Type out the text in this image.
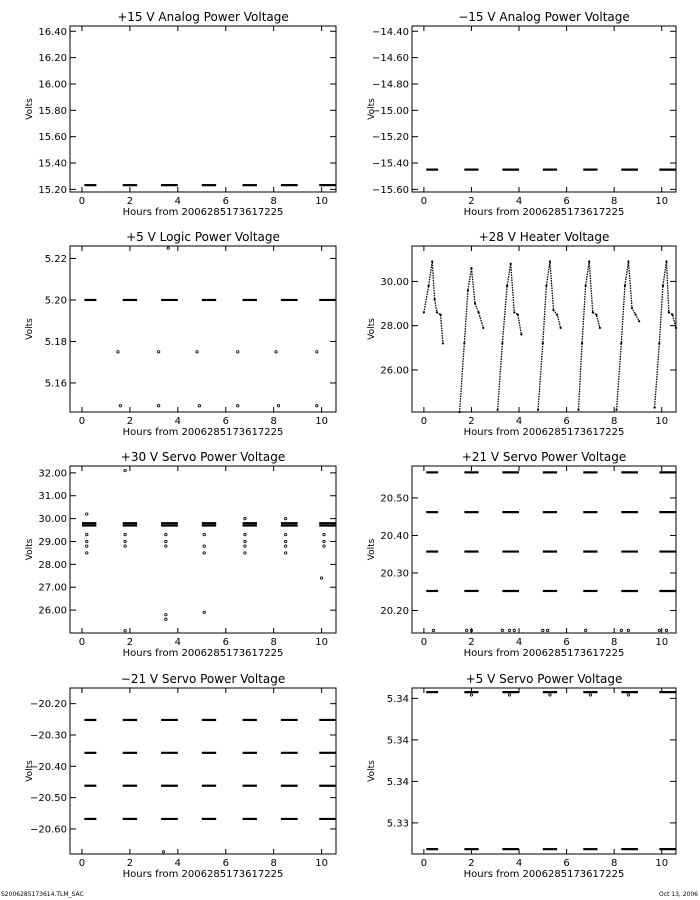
+15 V Analog Power Voltage
Hours from 2006285173617225
Volts
0	2	4	6	8	10
15.20
15.40
15.60
15.80
16.00
16.20
16.40
−15 V Analog Power Voltage
Hours from 2006285173617225
Volts
0	2	4	6	8	10
−15.60
−15.40
−15.20
−15.00
−14.80
−14.60
−14.40
+5 V Logic Power Voltage
Hours from 2006285173617225
Volts
0	2	4	6	8	10
5.16
5.18
5.20
5.22
+28 V Heater Voltage
Hours from 2006285173617225
Volts
0	2	4	6	8	10
26.00
28.00
30.00
+30 V Servo Power Voltage
Hours from 2006285173617225
Volts
0	2	4	6	8	10
26.00
27.00
28.00
29.00
30.00
31.00
32.00
+21 V Servo Power Voltage
Hours from 2006285173617225
Volts
0	2	4	6	8	10
20.20
20.30
20.40
20.50
−21 V Servo Power Voltage
Hours from 2006285173617225
Volts
0	2	4	6	8	10
−20.60
−20.50
−20.40
−20.30
−20.20
+5 V Servo Power Voltage
Hours from 2006285173617225
Volts
0	2	4	6	8	10
5.33
5.34
5.34
5.34
S2006285173614.TLM_SAC	Oct 13, 2006
